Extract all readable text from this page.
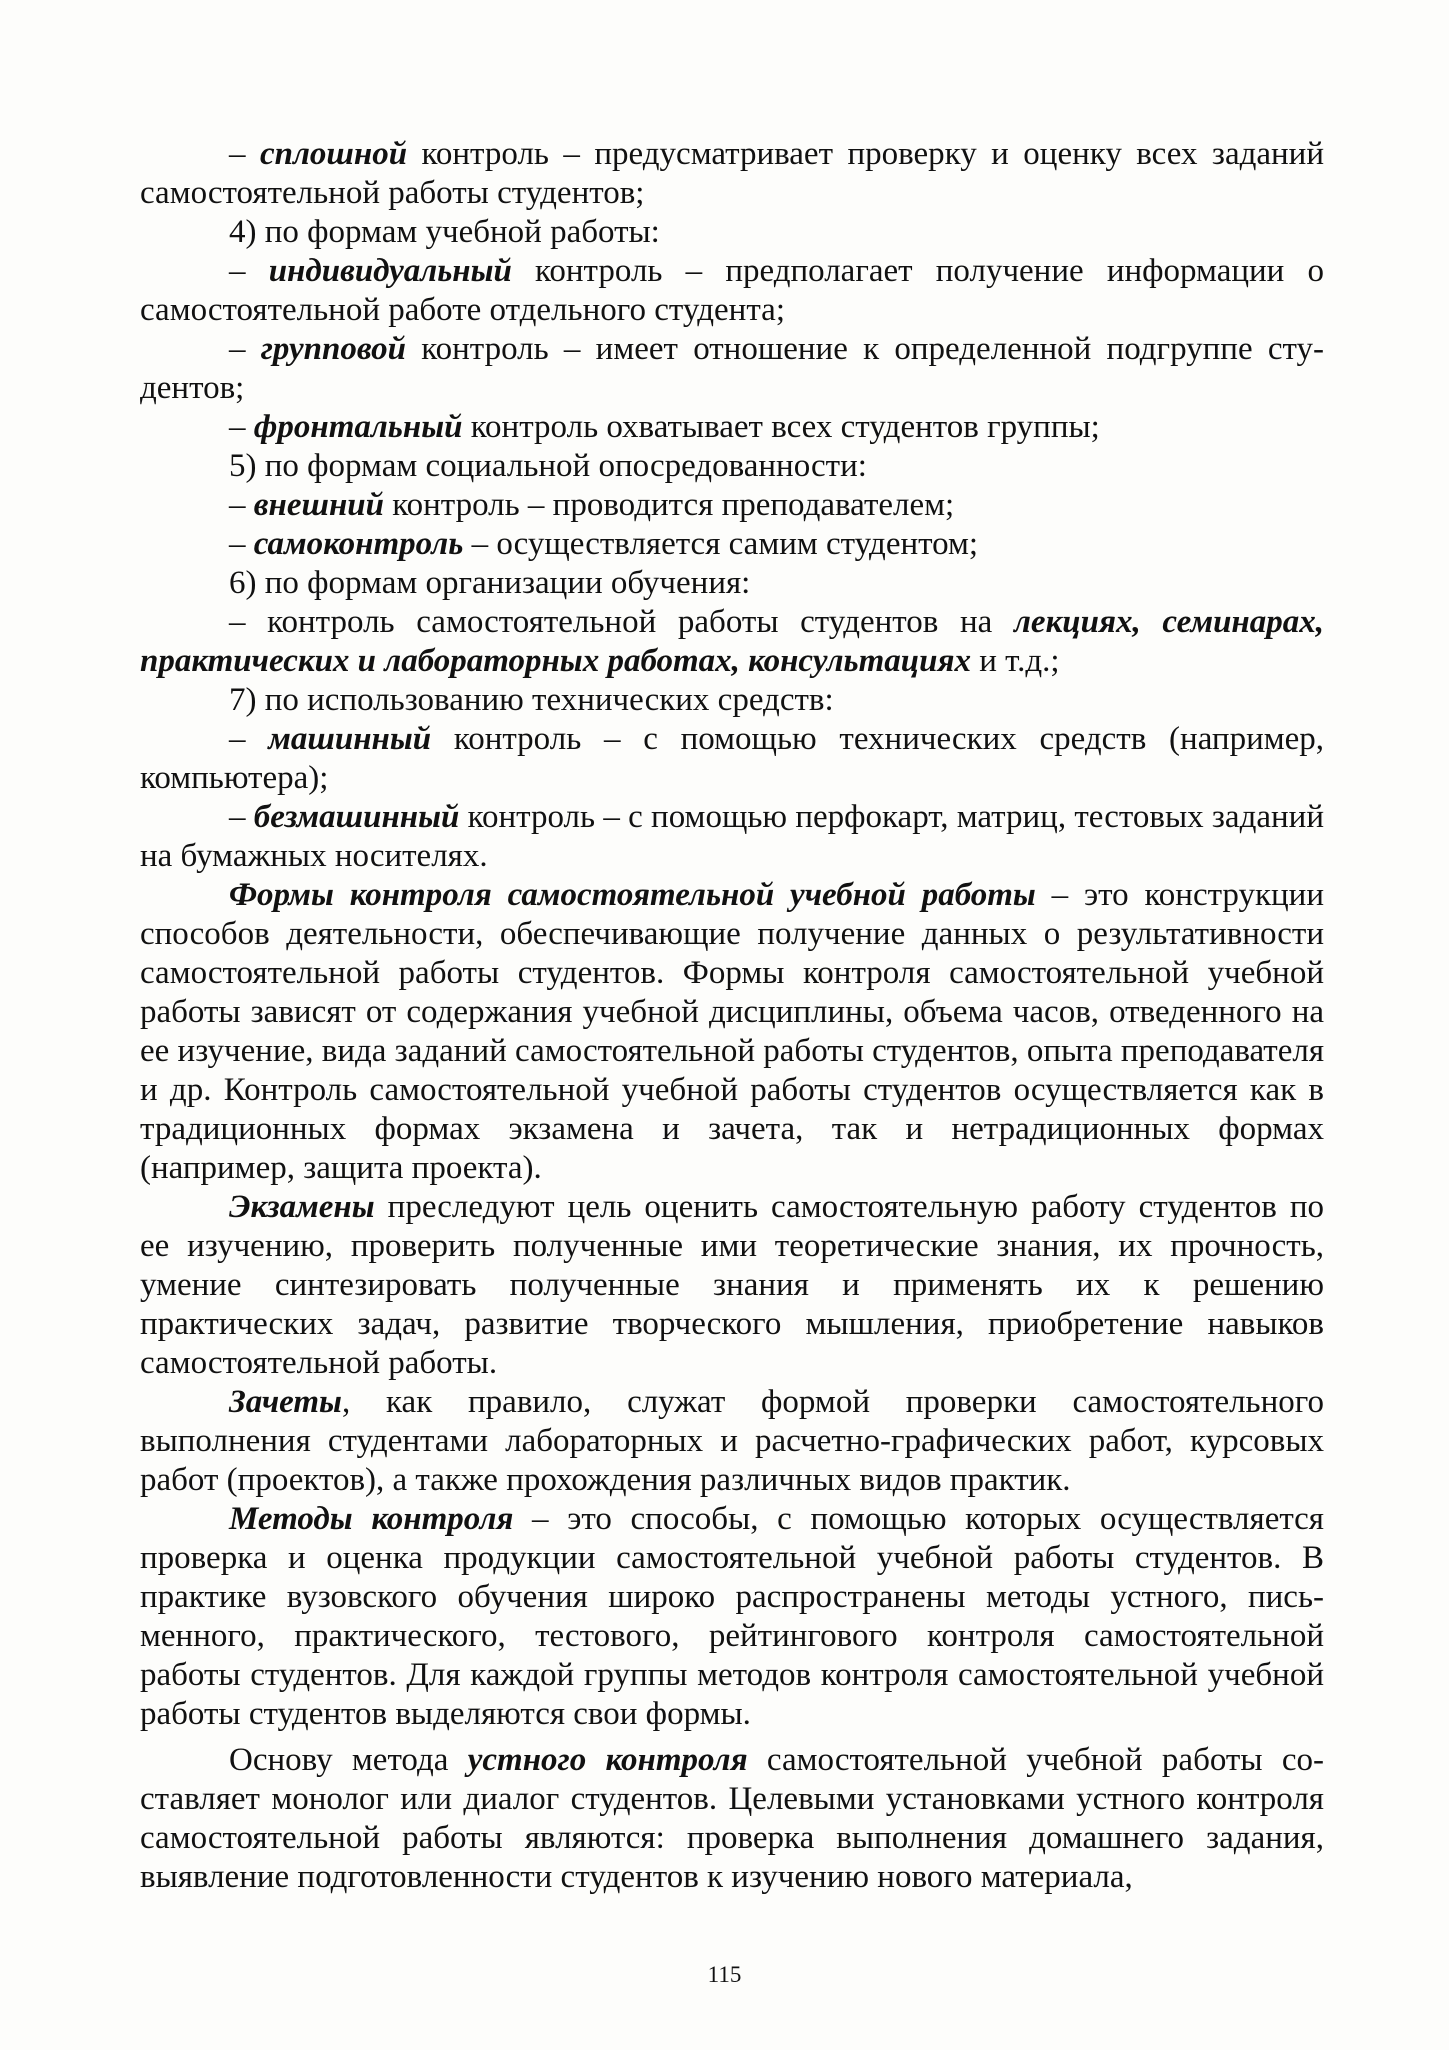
– сплошной контроль – предусматривает проверку и оценку всех заданий самостоятельной работы студентов;

4) по формам учебной работы:

– индивидуальный контроль – предполагает получение информации о самостоятельной работе отдельного студента;

– групповой контроль – имеет отношение к определенной подгруппе студентов;

– фронтальный контроль охватывает всех студентов группы;

5) по формам социальной опосредованности:

– внешний контроль – проводится преподавателем;

– самоконтроль – осуществляется самим студентом;

6) по формам организации обучения:

– контроль самостоятельной работы студентов на лекциях, семинарах, практических и лабораторных работах, консультациях и т.д.;

7) по использованию технических средств:

– машинный контроль – с помощью технических средств (например, компьютера);

– безмашинный контроль – с помощью перфокарт, матриц, тестовых заданий на бумажных носителях.

Формы контроля самостоятельной учебной работы – это конструкции способов деятельности, обеспечивающие получение данных о результативности самостоятельной работы студентов. Формы контроля самостоятельной учебной работы зависят от содержания учебной дисциплины, объема часов, отведенного на ее изучение, вида заданий самостоятельной работы студентов, опыта преподавателя и др. Контроль самостоятельной учебной работы студентов осуществляется как в традиционных формах экзамена и зачета, так и нетрадиционных формах (например, защита проекта).

Экзамены преследуют цель оценить самостоятельную работу студентов по ее изучению, проверить полученные ими теоретические знания, их прочность, умение синтезировать полученные знания и применять их к решению практических задач, развитие творческого мышления, приобретение навыков самостоятельной работы.

Зачеты, как правило, служат формой проверки самостоятельного выполнения студентами лабораторных и расчетно-графических работ, курсовых работ (проектов), а также прохождения различных видов практик.

Методы контроля – это способы, с помощью которых осуществляется проверка и оценка продукции самостоятельной учебной работы студентов. В практике вузовского обучения широко распространены методы устного, письменного, практического, тестового, рейтингового контроля самостоятельной работы студентов. Для каждой группы методов контроля самостоятельной учебной работы студентов выделяются свои формы.

Основу метода устного контроля самостоятельной учебной работы составляет монолог или диалог студентов. Целевыми установками устного контроля самостоятельной работы являются: проверка выполнения домашнего задания, выявление подготовленности студентов к изучению нового материала,

115
